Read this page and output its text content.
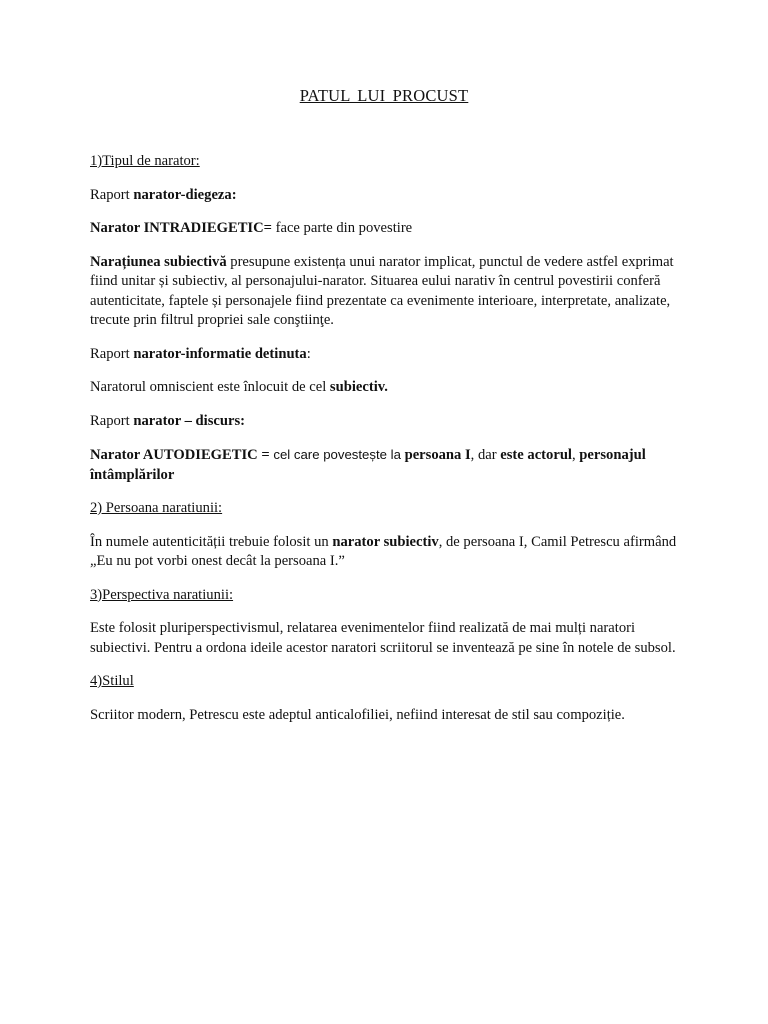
PATUL LUI PROCUST

1)Tipul de narator:

Raport narator-diegeza:

Narator INTRADIEGETIC= face parte din povestire

Narațiunea subiectivă presupune existența unui narator implicat, punctul de vedere astfel exprimat fiind unitar și subiectiv, al personajului-narator. Situarea eului narativ în centrul povestirii conferă autenticitate, faptele și personajele fiind prezentate ca evenimente interioare, interpretate, analizate, trecute prin filtrul propriei sale conştiinţe.

Raport narator-informatie detinuta:

Naratorul omniscient este înlocuit de cel subiectiv.

Raport narator – discurs:

Narator AUTODIEGETIC = cel care povestește la persoana I, dar este actorul, personajul întâmplărilor

2) Persoana naratiunii:

În numele autenticității trebuie folosit un narator subiectiv, de persoana I, Camil Petrescu afirmând „Eu nu pot vorbi onest decât la persoana I.”

3)Perspectiva naratiunii:

Este folosit pluriperspectivismul, relatarea evenimentelor fiind realizată de mai mulți naratori subiectivi. Pentru a ordona ideile acestor naratori scriitorul se inventează pe sine în notele de subsol.

4)Stilul

Scriitor modern, Petrescu este adeptul anticalofiliei, nefiind interesat de stil sau compoziție.
